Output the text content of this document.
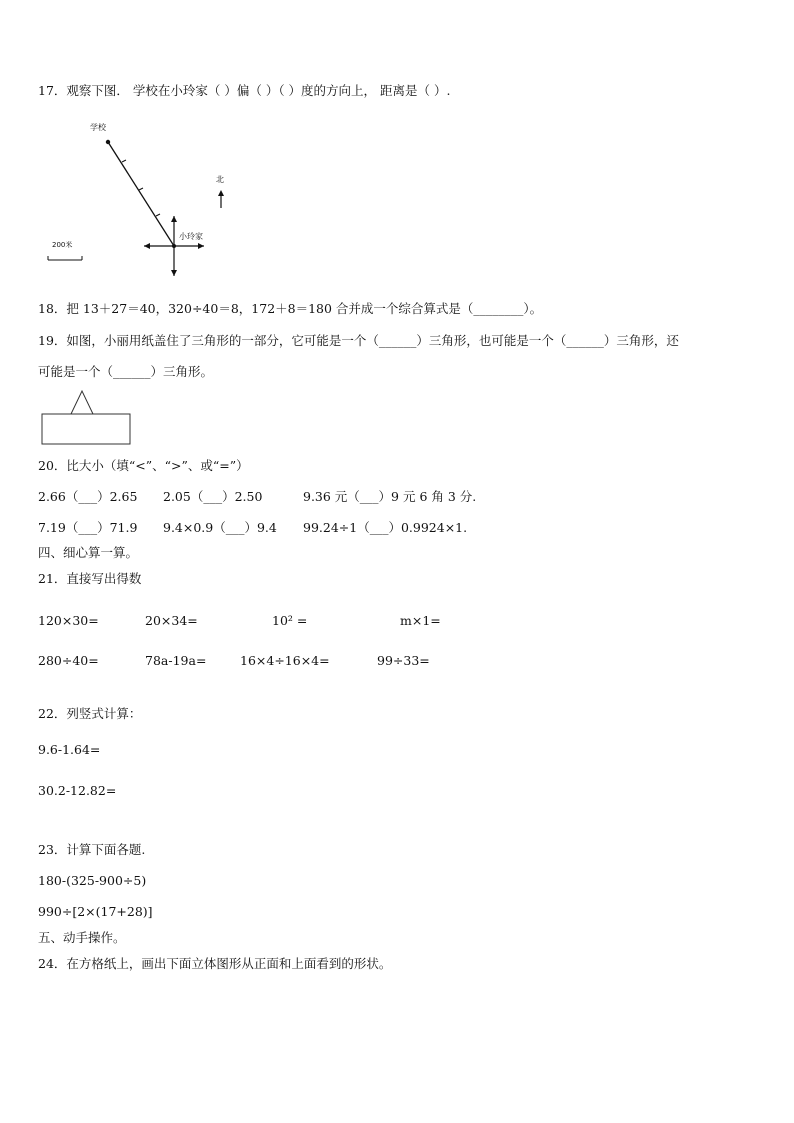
17．观察下图． 学校在小玲家（ ）偏（ ）（ ）度的方向上， 距离是（ ）.
学校
小玲家
北
200米
18．把 13＋27＝40，320÷40＝8，172＋8＝180 合并成一个综合算式是（________）。
19．如图，小丽用纸盖住了三角形的一部分，它可能是一个（______）三角形，也可能是一个（______）三角形，还
可能是一个（______）三角形。
20．比大小（填“<”、“>”、或“=”）
2.66（___）2.65 2.05（___）2.50	9.36 元（___）9 元 6 角 3 分.
7.19（___）71.9 9.4×0.9（___）9.4 99.24÷1（___）0.9924×1.
四、细心算一算。
21．直接写出得数
120×30=	20×34=	10² =	m×1=
280÷40=	78a-19a=	16×4÷16×4=	99÷33=
22．列竖式计算：
9.6-1.64=
30.2-12.82=
23．计算下面各题.
180-(325-900÷5)
990÷[2×(17+28)]
五、动手操作。
24．在方格纸上，画出下面立体图形从正面和上面看到的形状。
